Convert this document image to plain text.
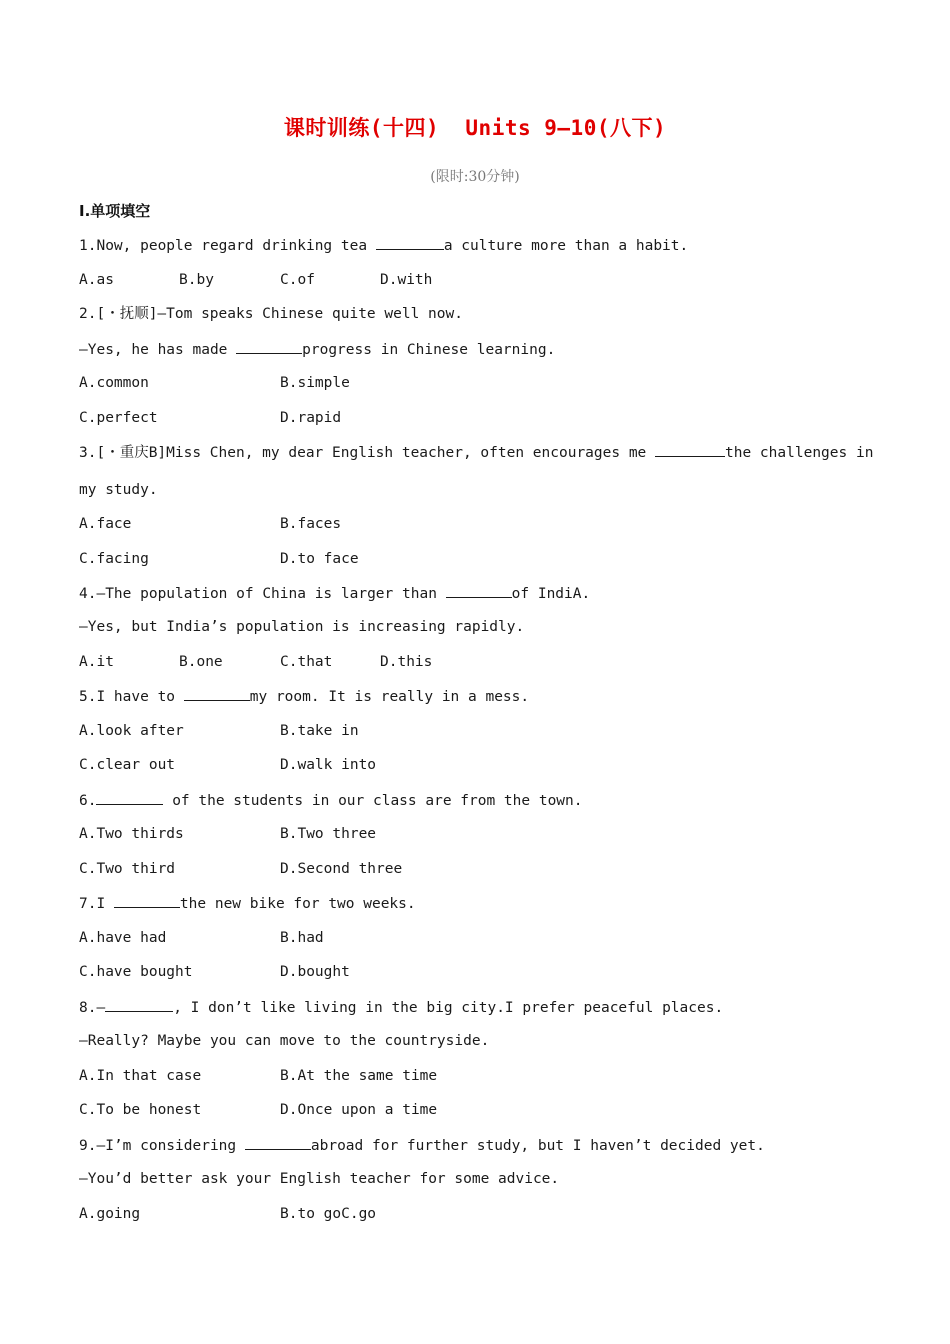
课时训练(十四)  Units 9—10(八下)
(限时:30分钟)
Ⅰ.单项填空
1.Now, people regard drinking tea	a culture more than a habit.
A.as	B.by	C.of	D.with
2.[・抚顺]—Tom speaks Chinese quite well now.
—Yes, he has made	progress in Chinese learning.
A.common	B.simple
C.perfect	D.rapid
3.[・重庆B]Miss Chen, my dear English teacher, often encourages me	the challenges in
my study.
A.face	B.faces
C.facing	D.to face
4.—The population of China is larger than	of IndiA.
—Yes, but India’s population is increasing rapidly.
A.it	B.one	C.that	D.this
5.I have to	my room. It is really in a mess.
A.look after	B.take in
C.clear out	D.walk into
6.	of the students in our class are from the town.
A.Two thirds	B.Two three
C.Two third	D.Second three
7.I	the new bike for two weeks.
A.have had	B.had
C.have bought	D.bought
8.—	, I don’t like living in the big city.I prefer peaceful places.
—Really? Maybe you can move to the countryside.
A.In that case	B.At the same time
C.To be honest	D.Once upon a time
9.—I’m considering	abroad for further study, but I haven’t decided yet.
—You’d better ask your English teacher for some advice.
A.going	B.to goC.go
